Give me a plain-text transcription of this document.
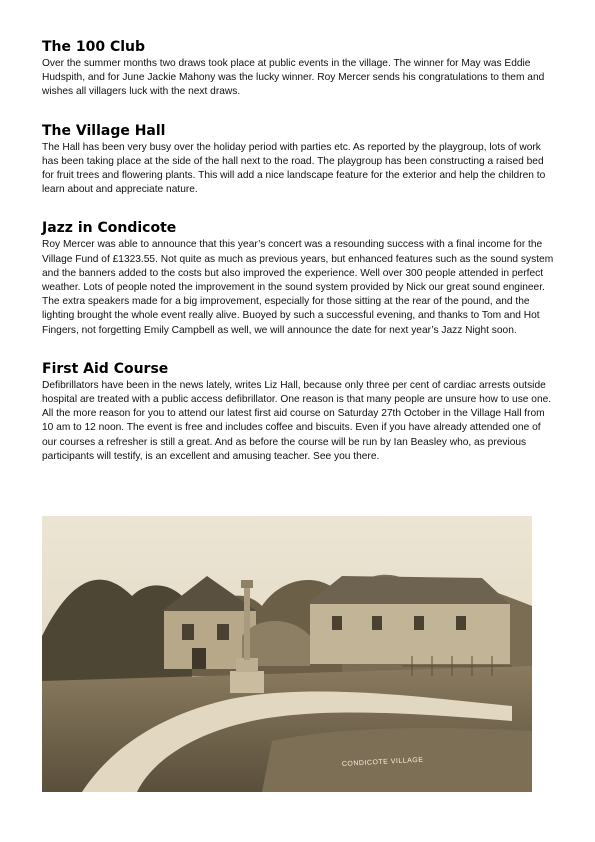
The 100 Club

Over the summer months two draws took place at public events in the village. The winner for May was Eddie Hudspith, and for June Jackie Mahony was the lucky winner. Roy Mercer sends his congratulations to them and wishes all villagers luck with the next draws.

The Village Hall

The Hall has been very busy over the holiday period with parties etc. As reported by the playgroup, lots of work has been taking place at the side of the hall next to the road. The playgroup has been constructing a raised bed for fruit trees and flowering plants. This will add a nice landscape feature for the exterior and help the children to learn about and appreciate nature.

Jazz in Condicote

Roy Mercer was able to announce that this year’s concert was a resounding success with a final income for the Village Fund of £1323.55. Not quite as much as previous years, but enhanced features such as the sound system and the banners added to the costs but also improved the experience. Well over 300 people attended in perfect weather. Lots of people noted the improvement in the sound system provided by Nick our great sound engineer. The extra speakers made for a big improvement, especially for those sitting at the rear of the pound, and the lighting brought the whole event really alive. Buoyed by such a successful evening, and thanks to Tom and Hot Fingers, not forgetting Emily Campbell as well, we will announce the date for next year’s Jazz Night soon.

First Aid Course

Defibrillators have been in the news lately, writes Liz Hall, because only three per cent of cardiac arrests outside hospital are treated with a public access defibrillator. One reason is that many people are unsure how to use one. All the more reason for you to attend our latest first aid course on Saturday 27th October in the Village Hall from 10 am to 12 noon. The event is free and includes coffee and biscuits. Even if you have already attended one of our courses a refresher is still a great. And as before the course will be run by Ian Beasley who, as previous participants will testify, is an excellent and amusing teacher. See you there.

CONDICOTE VILLAGE
